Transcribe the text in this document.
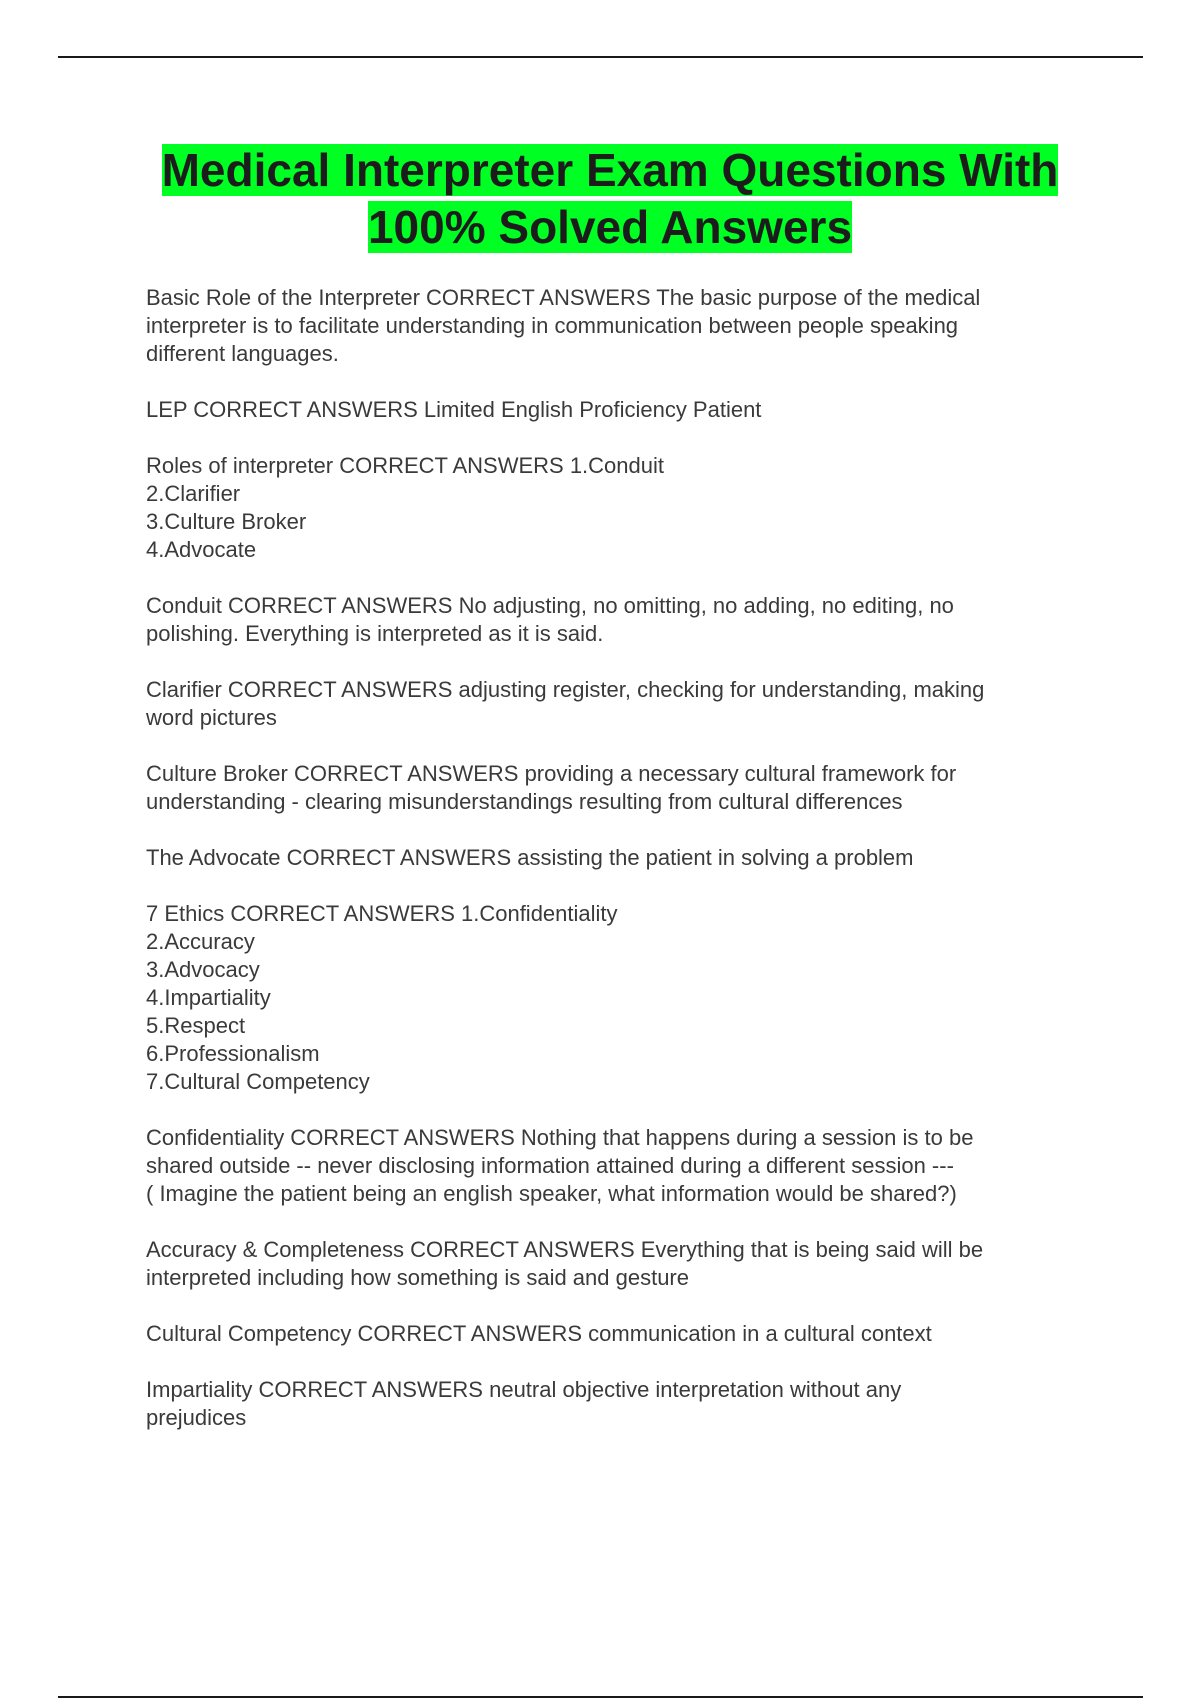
Medical Interpreter Exam Questions With 100% Solved Answers

Basic Role of the Interpreter CORRECT ANSWERS The basic purpose of the medical
interpreter is to facilitate understanding in communication between people speaking
different languages.

LEP CORRECT ANSWERS Limited English Proficiency Patient

Roles of interpreter CORRECT ANSWERS 1.Conduit
2.Clarifier
3.Culture Broker
4.Advocate

Conduit CORRECT ANSWERS No adjusting, no omitting, no adding, no editing, no
polishing. Everything is interpreted as it is said.

Clarifier CORRECT ANSWERS adjusting register, checking for understanding, making
word pictures

Culture Broker CORRECT ANSWERS providing a necessary cultural framework for
understanding - clearing misunderstandings resulting from cultural differences

The Advocate CORRECT ANSWERS assisting the patient in solving a problem

7 Ethics CORRECT ANSWERS 1.Confidentiality
2.Accuracy
3.Advocacy
4.Impartiality
5.Respect
6.Professionalism
7.Cultural Competency

Confidentiality CORRECT ANSWERS Nothing that happens during a session is to be
shared outside -- never disclosing information attained during a different session ---
( Imagine the patient being an english speaker, what information would be shared?)

Accuracy & Completeness CORRECT ANSWERS Everything that is being said will be
interpreted including how something is said and gesture

Cultural Competency CORRECT ANSWERS communication in a cultural context

Impartiality CORRECT ANSWERS neutral objective interpretation without any
prejudices
